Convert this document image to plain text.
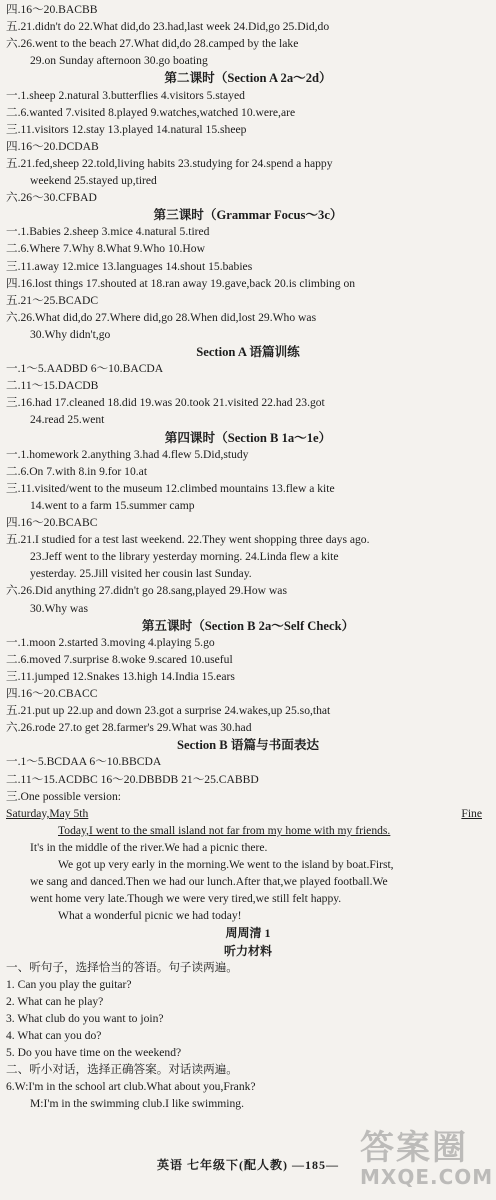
四.16～20.BACBB
五.21.didn't do 22.What did,do 23.had,last week 24.Did,go 25.Did,do
六.26.went to the beach 27.What did,do 28.camped by the lake
29.on Sunday afternoon 30.go boating
第二课时（Section A 2a～2d）
一.1.sheep 2.natural 3.butterflies 4.visitors 5.stayed
二.6.wanted 7.visited 8.played 9.watches,watched 10.were,are
三.11.visitors 12.stay 13.played 14.natural 15.sheep
四.16～20.DCDAB
五.21.fed,sheep 22.told,living habits 23.studying for 24.spend a happy
weekend 25.stayed up,tired
六.26～30.CFBAD
第三课时（Grammar Focus～3c）
一.1.Babies 2.sheep 3.mice 4.natural 5.tired
二.6.Where 7.Why 8.What 9.Who 10.How
三.11.away 12.mice 13.languages 14.shout 15.babies
四.16.lost things 17.shouted at 18.ran away 19.gave,back 20.is climbing on
五.21～25.BCADC
六.26.What did,do 27.Where did,go 28.When did,lost 29.Who was
30.Why didn't,go
Section A 语篇训练
一.1～5.AADBD 6～10.BACDA
二.11～15.DACDB
三.16.had 17.cleaned 18.did 19.was 20.took 21.visited 22.had 23.got
24.read 25.went
第四课时（Section B 1a～1e）
一.1.homework 2.anything 3.had 4.flew 5.Did,study
二.6.On 7.with 8.in 9.for 10.at
三.11.visited/went to the museum 12.climbed mountains 13.flew a kite
14.went to a farm 15.summer camp
四.16～20.BCABC
五.21.I studied for a test last weekend. 22.They went shopping three days ago.
23.Jeff went to the library yesterday morning. 24.Linda flew a kite
yesterday. 25.Jill visited her cousin last Sunday.
六.26.Did anything 27.didn't go 28.sang,played 29.How was
30.Why was
第五课时（Section B 2a～Self Check）
一.1.moon 2.started 3.moving 4.playing 5.go
二.6.moved 7.surprise 8.woke 9.scared 10.useful
三.11.jumped 12.Snakes 13.high 14.India 15.ears
四.16～20.CBACC
五.21.put up 22.up and down 23.got a surprise 24.wakes,up 25.so,that
六.26.rode 27.to get 28.farmer's 29.What was 30.had
Section B 语篇与书面表达
一.1～5.BCDAA 6～10.BBCDA
二.11～15.ACDBC 16～20.DBBDB 21～25.CABBD
三.One possible version:
Saturday,May 5th	Fine
Today,I went to the small island not far from my home with my friends.
It's in the middle of the river.We had a picnic there.
We got up very early in the morning.We went to the island by boat.First,
we sang and danced.Then we had our lunch.After that,we played football.We
went home very late.Though we were very tired,we still felt happy.
What a wonderful picnic we had today!
周周清 1
听力材料
一、听句子，选择恰当的答语。句子读两遍。
1. Can you play the guitar?
2. What can he play?
3. What club do you want to join?
4. What can you do?
5. Do you have time on the weekend?
二、听小对话，选择正确答案。对话读两遍。
6.W:I'm in the school art club.What about you,Frank?
M:I'm in the swimming club.I like swimming.
英语 七年级下(配人教) —185— 答案圈
MXQE.COM
